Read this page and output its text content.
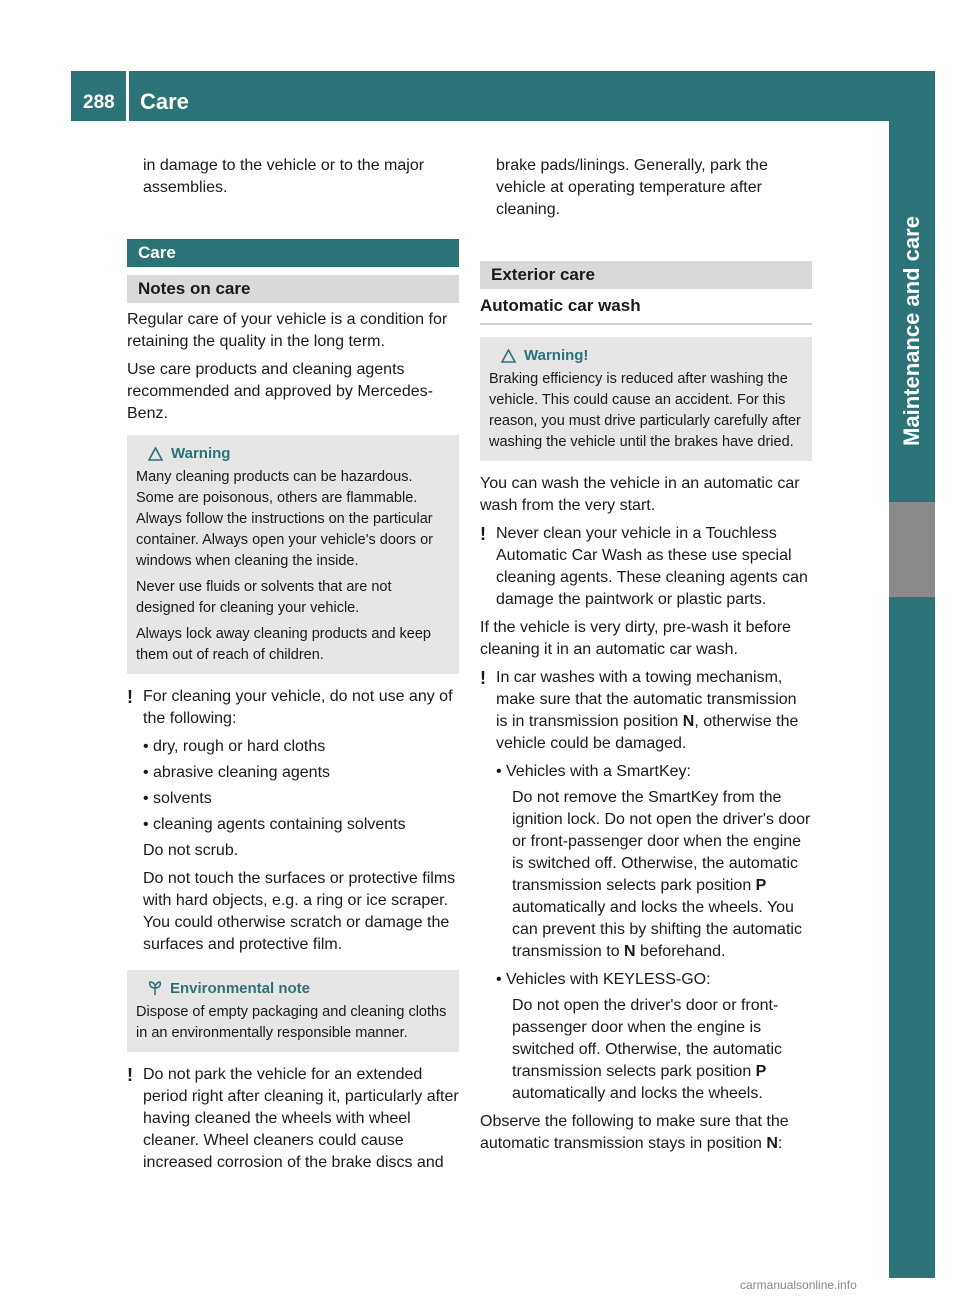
288 Care
Maintenance and care

in damage to the vehicle or to the major assemblies.

Care
Notes on care

Regular care of your vehicle is a condition for retaining the quality in the long term.

Use care products and cleaning agents recommended and approved by Mercedes-Benz.

Warning

Many cleaning products can be hazardous. Some are poisonous, others are flammable. Always follow the instructions on the particular container. Always open your vehicle's doors or windows when cleaning the inside.

Never use fluids or solvents that are not designed for cleaning your vehicle.

Always lock away cleaning products and keep them out of reach of children.

! For cleaning your vehicle, do not use any of the following:
• dry, rough or hard cloths
• abrasive cleaning agents
• solvents
• cleaning agents containing solvents

Do not scrub.

Do not touch the surfaces or protective films with hard objects, e.g. a ring or ice scraper. You could otherwise scratch or damage the surfaces and protective film.

Environmental note

Dispose of empty packaging and cleaning cloths in an environmentally responsible manner.

! Do not park the vehicle for an extended period right after cleaning it, particularly after having cleaned the wheels with wheel cleaner. Wheel cleaners could cause increased corrosion of the brake discs and

brake pads/linings. Generally, park the vehicle at operating temperature after cleaning.

Exterior care
Automatic car wash
Warning!

Braking efficiency is reduced after washing the vehicle. This could cause an accident. For this reason, you must drive particularly carefully after washing the vehicle until the brakes have dried.

You can wash the vehicle in an automatic car wash from the very start.

! Never clean your vehicle in a Touchless Automatic Car Wash as these use special cleaning agents. These cleaning agents can damage the paintwork or plastic parts.

If the vehicle is very dirty, pre-wash it before cleaning it in an automatic car wash.

! In car washes with a towing mechanism, make sure that the automatic transmission is in transmission position N, otherwise the vehicle could be damaged.
• Vehicles with a SmartKey:

Do not remove the SmartKey from the ignition lock. Do not open the driver's door or front-passenger door when the engine is switched off. Otherwise, the automatic transmission selects park position P automatically and locks the wheels. You can prevent this by shifting the automatic transmission to N beforehand.

• Vehicles with KEYLESS-GO:

Do not open the driver's door or front-passenger door when the engine is switched off. Otherwise, the automatic transmission selects park position P automatically and locks the wheels.

Observe the following to make sure that the automatic transmission stays in position N:

carmanualsonline.info
